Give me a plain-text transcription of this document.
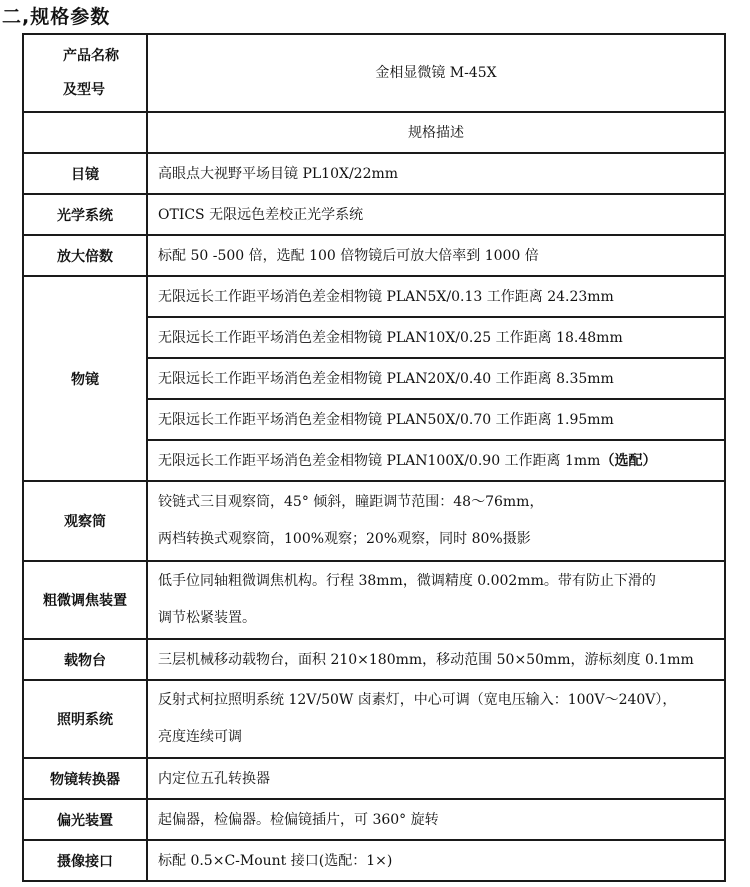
二,规格参数
产品名称
及型号	金相显微镜 M-45X
	规格描述
目镜	高眼点大视野平场目镜 PL10X/22mm
光学系统	OTICS 无限远色差校正光学系统
放大倍数	标配 50 -500 倍，选配 100 倍物镜后可放大倍率到 1000 倍
物镜	无限远长工作距平场消色差金相物镜 PLAN5X/0.13 工作距离 24.23mm
	无限远长工作距平场消色差金相物镜 PLAN10X/0.25 工作距离 18.48mm
	无限远长工作距平场消色差金相物镜 PLAN20X/0.40 工作距离 8.35mm
	无限远长工作距平场消色差金相物镜 PLAN50X/0.70 工作距离 1.95mm
	无限远长工作距平场消色差金相物镜 PLAN100X/0.90 工作距离 1mm（选配）
观察筒	铰链式三目观察筒，45° 倾斜，瞳距调节范围：48～76mm，
两档转换式观察筒，100%观察；20%观察，同时 80%摄影

粗微调焦装置	低手位同轴粗微调焦机构。行程 38mm，微调精度 0.002mm。带有防止下滑的
调节松紧装置。

载物台	三层机械移动载物台，面积 210×180mm，移动范围 50×50mm，游标刻度 0.1mm
照明系统	反射式柯拉照明系统 12V/50W 卤素灯，中心可调（宽电压输入：100V～240V），
亮度连续可调

物镜转换器	内定位五孔转换器
偏光装置	起偏器，检偏器。检偏镜插片，可 360° 旋转
摄像接口	标配 0.5×C-Mount 接口(选配：1×)
